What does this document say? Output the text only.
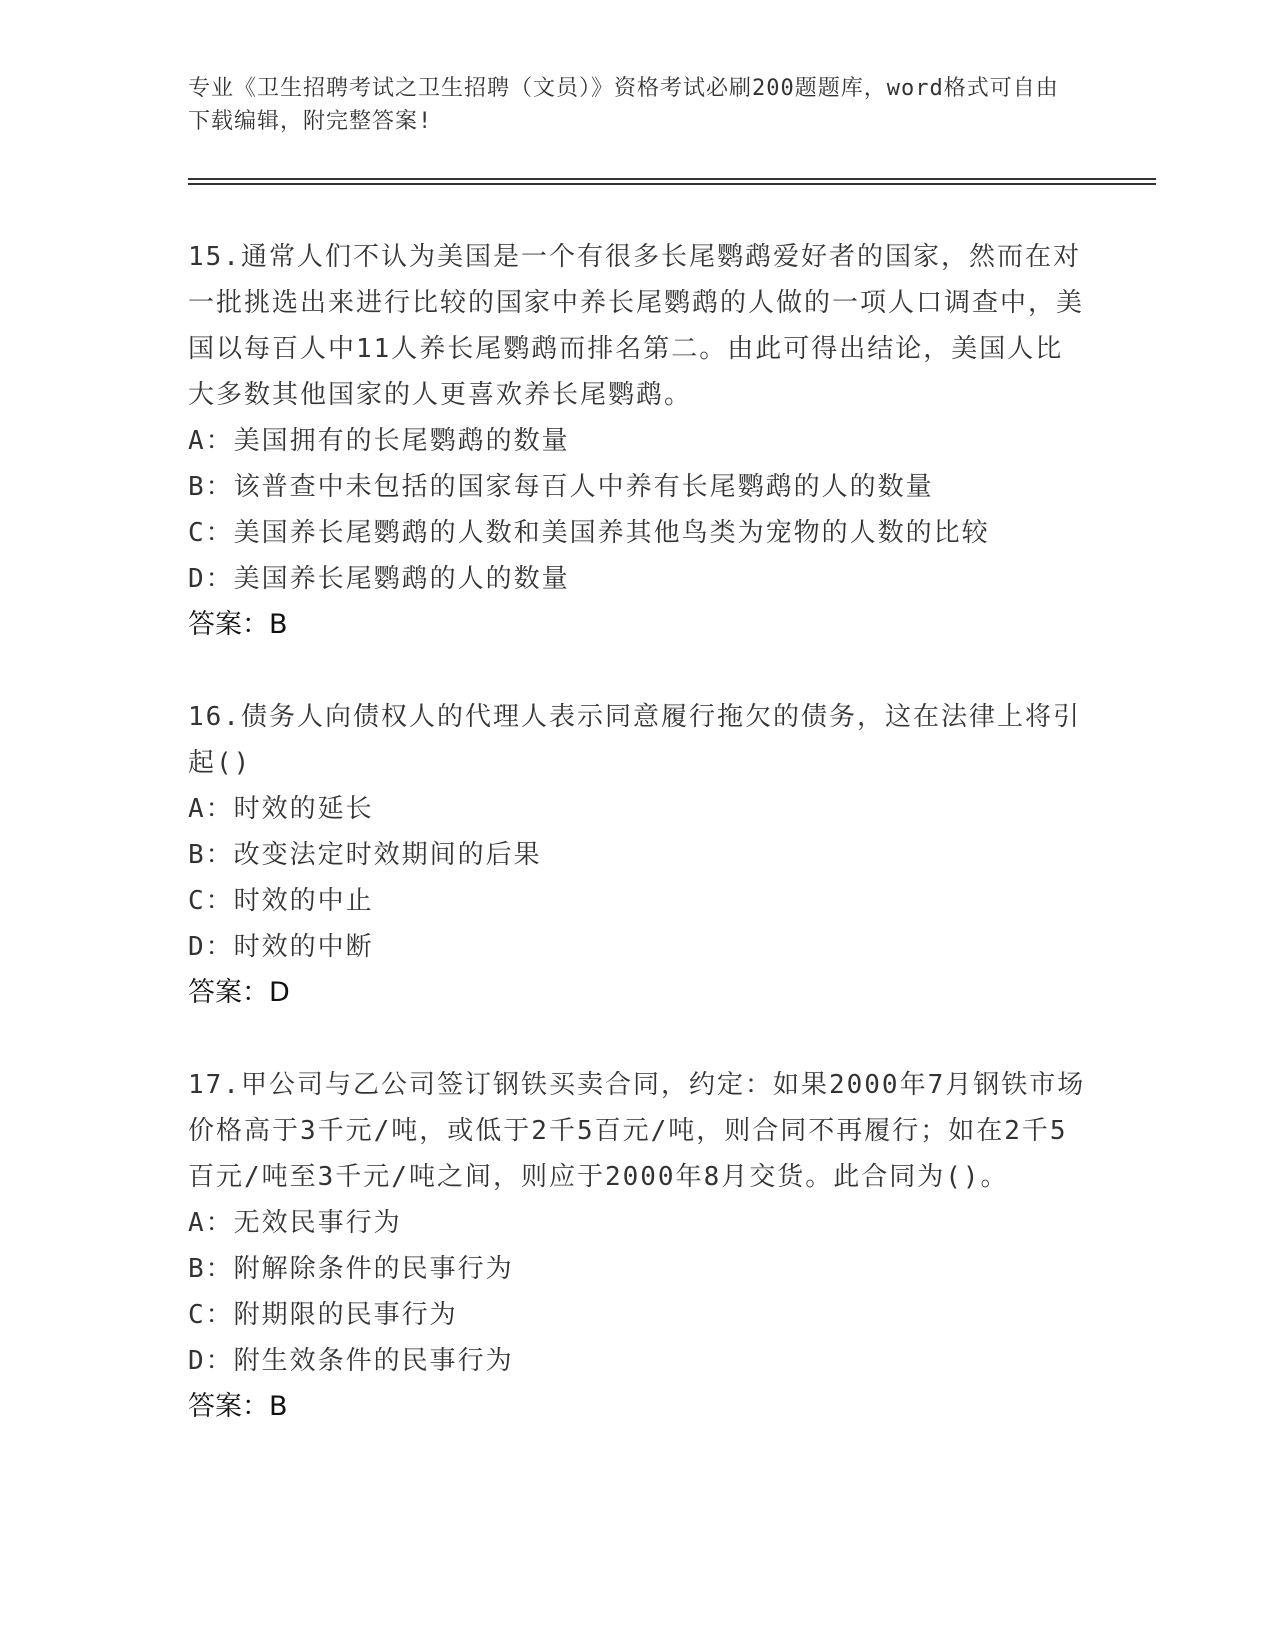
专业《卫生招聘考试之卫生招聘（文员）》资格考试必刷200题题库，word格式可自由下载编辑，附完整答案!
15.通常人们不认为美国是一个有很多长尾鹦鹉爱好者的国家，然而在对一批挑选出来进行比较的国家中养长尾鹦鹉的人做的一项人口调查中，美国以每百人中11人养长尾鹦鹉而排名第二。由此可得出结论，美国人比大多数其他国家的人更喜欢养长尾鹦鹉。
A：美国拥有的长尾鹦鹉的数量
B：该普查中未包括的国家每百人中养有长尾鹦鹉的人的数量
C：美国养长尾鹦鹉的人数和美国养其他鸟类为宠物的人数的比较
D：美国养长尾鹦鹉的人的数量
答案：B
16.债务人向债权人的代理人表示同意履行拖欠的债务，这在法律上将引起()
A：时效的延长
B：改变法定时效期间的后果
C：时效的中止
D：时效的中断
答案：D
17.甲公司与乙公司签订钢铁买卖合同，约定：如果2000年7月钢铁市场价格高于3千元/吨，或低于2千5百元/吨，则合同不再履行；如在2千5百元/吨至3千元/吨之间，则应于2000年8月交货。此合同为()。
A：无效民事行为
B：附解除条件的民事行为
C：附期限的民事行为
D：附生效条件的民事行为
答案：B
